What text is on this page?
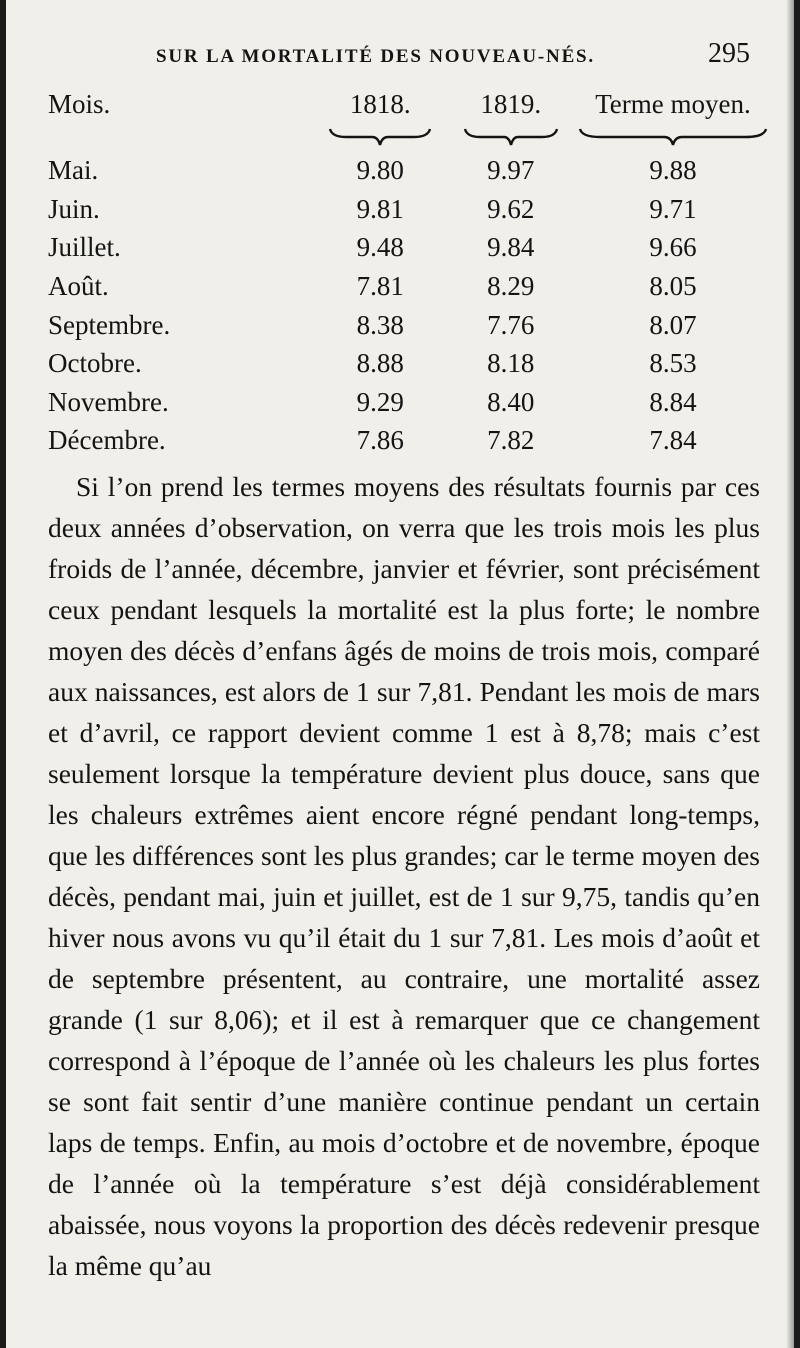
SUR LA MORTALITÉ DES NOUVEAU-NÉS.	295
Mois.	1818.	1819.	Terme moyen.

Mai.	9.80	9.97	9.88
Juin.	9.81	9.62	9.71
Juillet.	9.48	9.84	9.66
Août.	7.81	8.29	8.05
Septembre.	8.38	7.76	8.07
Octobre.	8.88	8.18	8.53
Novembre.	9.29	8.40	8.84
Décembre.	7.86	7.82	7.84

Si l’on prend les termes moyens des résultats fournis par ces deux années d’observation, on verra que les trois mois les plus froids de l’année, décembre, janvier et février, sont précisément ceux pendant lesquels la mortalité est la plus forte; le nombre moyen des décès d’enfans âgés de moins de trois mois, comparé aux naissances, est alors de 1 sur 7,81. Pendant les mois de mars et d’avril, ce rapport devient comme 1 est à 8,78; mais c’est seulement lorsque la température devient plus douce, sans que les chaleurs extrêmes aient encore régné pendant long-temps, que les différences sont les plus grandes; car le terme moyen des décès, pendant mai, juin et juillet, est de 1 sur 9,75, tandis qu’en hiver nous avons vu qu’il était du 1 sur 7,81. Les mois d’août et de septembre présentent, au contraire, une mortalité assez grande (1 sur 8,06); et il est à remarquer que ce changement correspond à l’époque de l’année où les chaleurs les plus fortes se sont fait sentir d’une manière continue pendant un certain laps de temps. Enfin, au mois d’octobre et de novembre, époque de l’année où la température s’est déjà considérablement abaissée, nous voyons la proportion des décès redevenir presque la même qu’au
